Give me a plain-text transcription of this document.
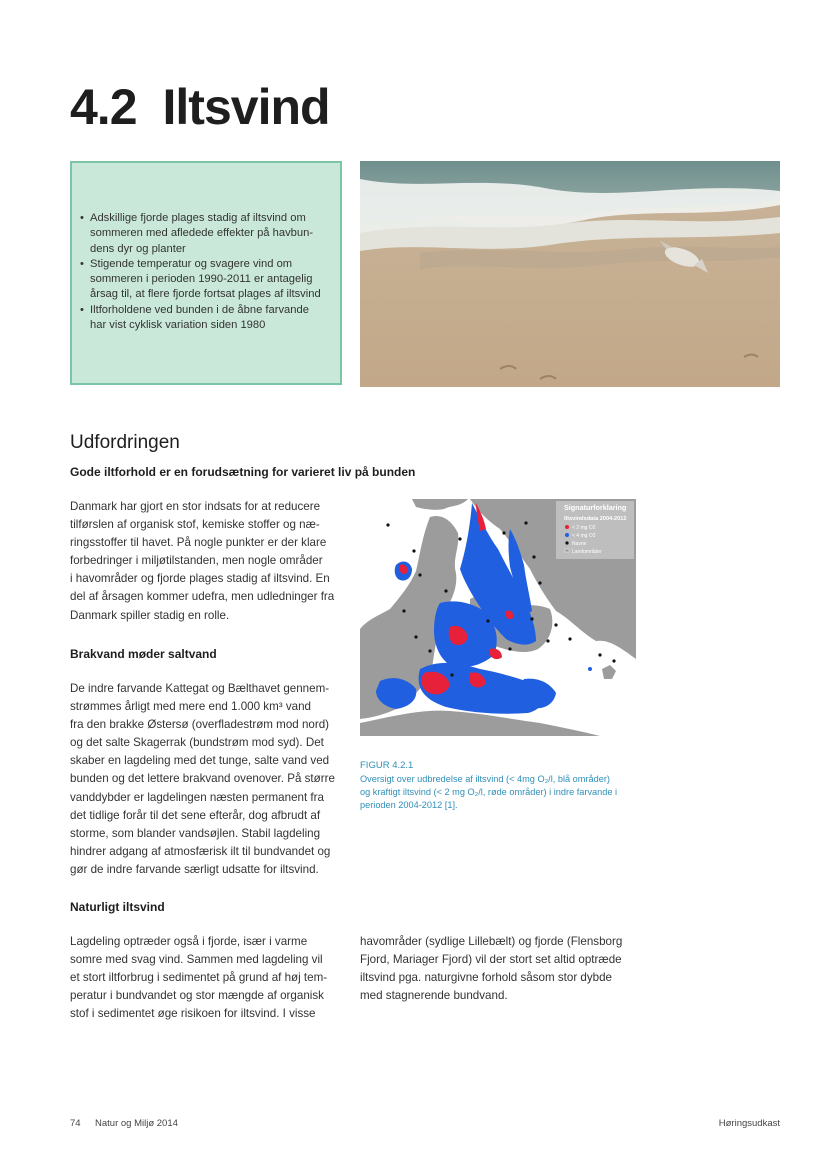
4.2 Iltsvind
• Adskillige fjorde plages stadig af iltsvind om
sommeren med afledede effekter på havbun-
dens dyr og planter
• Stigende temperatur og svagere vind om
sommeren i perioden 1990-2011 er antagelig
årsag til, at flere fjorde fortsat plages af iltsvind
• Iltforholdene ved bunden i de åbne farvande
har vist cyklisk variation siden 1980
Udfordringen
Gode iltforhold er en forudsætning for varieret liv på bunden
Danmark har gjort en stor indsats for at reducere
tilførslen af organisk stof, kemiske stoffer og næ-
ringsstoffer til havet. På nogle punkter er der klare
forbedringer i miljøtilstanden, men nogle områder
i havområder og fjorde plages stadig af iltsvind. En
del af årsagen kommer udefra, men udledninger fra
Danmark spiller stadig en rolle.
Brakvand møder saltvand
De indre farvande Kattegat og Bælthavet gennem-
strømmes årligt med mere end 1.000 km³ vand
fra den brakke Østersø (overfladestrøm mod nord)
og det salte Skagerrak (bundstrøm mod syd). Det
skaber en lagdeling med det tunge, salte vand ved
bunden og det lettere brakvand ovenover. På større
vanddybder er lagdelingen næsten permanent fra
det tidlige forår til det sene efterår, dog afbrudt af
storme, som blander vandsøjlen. Stabil lagdeling
hindrer adgang af atmosfærisk ilt til bundvandet og
gør de indre farvande særligt udsatte for iltsvind.
Naturligt iltsvind
Lagdeling optræder også i fjorde, især i varme
somre med svag vind. Sammen med lagdeling vil
et stort iltforbrug i sedimentet på grund af høj tem-
peratur i bundvandet og stor mængde af organisk
stof i sedimentet øge risikoen for iltsvind. I visse
havområder (sydlige Lillebælt) og fjorde (Flensborg
Fjord, Mariager Fjord) vil der stort set altid optræde
iltsvind pga. naturgivne forhold såsom stor dybde
med stagnerende bundvand.
Signaturforklaring
Iltsvindsdata 2004-2012
< 2 mg O2
< 4 mg O2
Navne
Landområder
FIGUR 4.2.1
Oversigt over udbredelse af iltsvind (< 4mg O₂/l, blå områder)
og kraftigt iltsvind (< 2 mg O₂/l, røde områder) i indre farvande i
perioden 2004-2012 [1].
74 Natur og Miljø 2014	Høringsudkast
